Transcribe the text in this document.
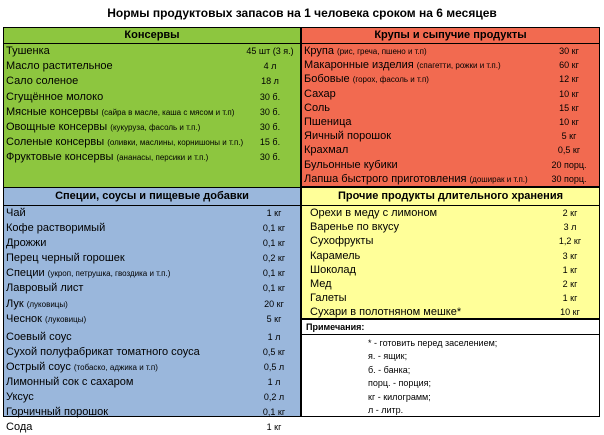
Нормы продуктовых запасов на 1 человека сроком на 6 месяцев
Консервы
Тушенка	45 шт (3 я.)
Масло растительное	4 л
Сало соленое	18 л
Сгущённое молоко	30 б.
Мясные консервы (сайра в масле, каша с мясом и т.п)	30 б.
Овощные консервы (кукуруза, фасоль и т.п.)	30 б.
Соленые консервы (оливки, маслины, корнишоны и т.п.)	15 б.
Фруктовые консервы (ананасы, персики и т.п.)	30 б.
Крупы и сыпучие продукты
Крупа (рис, греча, пшено и т.п)	30 кг
Макаронные изделия (спагетти, рожки и т.п.)	60 кг
Бобовые (горох, фасоль и т.п)	12 кг
Сахар	10 кг
Соль	15 кг
Пшеница	10 кг
Яичный порошок	5 кг
Крахмал	0,5 кг
Бульонные кубики	20 порц.
Лапша быстрого приготовления (доширак и т.п.)	30 порц.
Специи, соусы и пищевые добавки
Чай	1 кг
Кофе растворимый	0,1 кг
Дрожжи	0,1 кг
Перец черный горошек	0,2 кг
Специи (укроп, петрушка, гвоздика и т.п.)	0,1 кг
Лавровый лист	0,1 кг
Лук (луковицы)	20 кг
Чеснок (луковицы)	5 кг
Соевый соус	1 л
Сухой полуфабрикат томатного соуса	0,5 кг
Острый соус (тобаско, аджика и т.п)	0,5 л
Лимонный сок с сахаром	1 л
Уксус	0,2 л
Горчичный порошок	0,1 кг
Сода	1 кг
Прочие продукты длительного хранения
Орехи в меду с лимоном	2 кг
Варенье по вкусу	3 л
Сухофрукты	1,2 кг
Карамель	3 кг
Шоколад	1 кг
Мед	2 кг
Галеты	1 кг
Сухари в полотняном мешке*	10 кг
Примечания:
* - готовить перед заселением;
я. - ящик;
б. - банка;
порц. - порция;
кг - килограмм;
л - литр.
